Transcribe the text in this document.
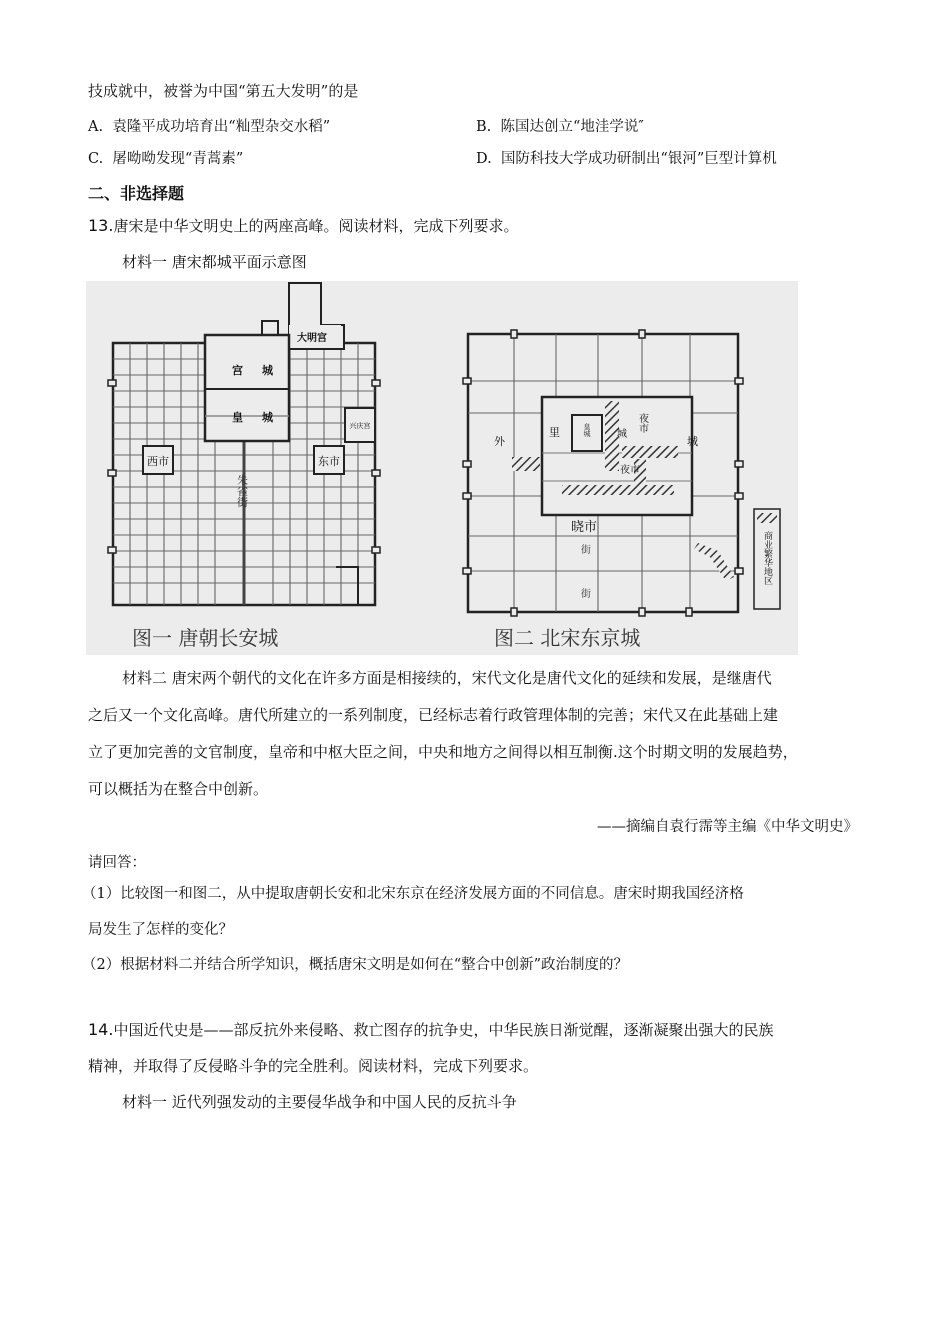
技成就中，被誉为中国“第五大发明”的是
A. 袁隆平成功培育出“籼型杂交水稻”	B. 陈国达创立“地洼学说″
C. 屠呦呦发现“青蒿素”	D. 国防科技大学成功研制出“银河”巨型计算机
二、非选择题
13.唐宋是中华文明史上的两座高峰。阅读材料，完成下列要求。
材料一 唐宋都城平面示意图
大明宫
宫 城
皇 城
兴庆宫
西市	东市
朱雀街
图一 唐朝长安城
皇城
外
里	城
夜市
夜市
城
晓市
街
街
商业繁华地区
图二 北宋东京城
材料二 唐宋两个朝代的文化在许多方面是相接续的，宋代文化是唐代文化的延续和发展，是继唐代
之后又一个文化高峰。唐代所建立的一系列制度，已经标志着行政管理体制的完善；宋代又在此基础上建
立了更加完善的文官制度，皇帝和中枢大臣之间，中央和地方之间得以相互制衡.这个时期文明的发展趋势，
可以概括为在整合中创新。
——摘编自袁行霈等主编《中华文明史》
请回答：
（1）比较图一和图二，从中提取唐朝长安和北宋东京在经济发展方面的不同信息。唐宋时期我国经济格
局发生了怎样的变化？
（2）根据材料二并结合所学知识，概括唐宋文明是如何在“整合中创新”政治制度的？
14.中国近代史是——部反抗外来侵略、救亡图存的抗争史，中华民族日渐觉醒，逐渐凝聚出强大的民族
精神，并取得了反侵略斗争的完全胜利。阅读材料，完成下列要求。
材料一 近代列强发动的主要侵华战争和中国人民的反抗斗争
